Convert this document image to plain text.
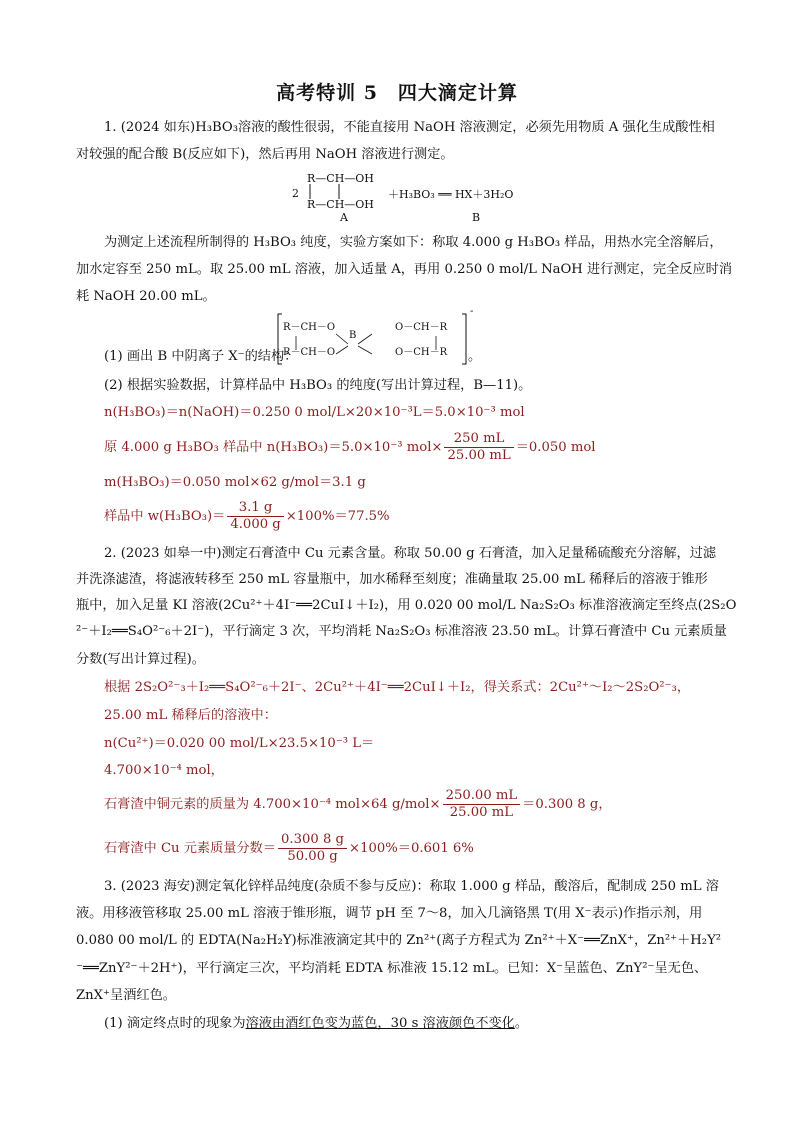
高考特训 5　四大滴定计算
1. (2024 如东)H₃BO₃溶液的酸性很弱，不能直接用 NaOH 溶液测定，必须先用物质 A 强化生成酸性相
对较强的配合酸 B(反应如下)，然后再用 NaOH 溶液进行测定。
2
R—CH—OH
R—CH—OH
A
＋H₃BO₃ ══ HX＋3H₂O
B
为测定上述流程所制得的 H₃BO₃ 纯度，实验方案如下：称取 4.000 g H₃BO₃ 样品，用热水完全溶解后，
加水定容至 250 mL。取 25.00 mL 溶液，加入适量 A，再用 0.250 0 mol/L NaOH 进行测定，完全反应时消
耗 NaOH 20.00 mL。
(1) 画出 B 中阴离子 X⁻的结构：
R－CH－O
R－CH－O
B
O－CH－R
O－CH－R
-
。
(2) 根据实验数据，计算样品中 H₃BO₃ 的纯度(写出计算过程，B—11)。
n(H₃BO₃)＝n(NaOH)＝0.250 0 mol/L×20×10⁻³L＝5.0×10⁻³ mol
原 4.000 g H₃BO₃ 样品中 n(H₃BO₃)＝5.0×10⁻³ $mol\times \frac{250 mL}{25.00 mL} =0.050$ mol
m(H₃BO₃)＝0.050 mol×62 g/mol＝3.1 g
样品中 $w(H_3BO_3)= \frac{3.1 g}{4.000 g} \times 100\%=77.5\%$
2. (2023 如皋一中)测定石膏渣中 Cu 元素含量。称取 50.00 g 石膏渣，加入足量稀硫酸充分溶解，过滤
并洗涤滤渣，将滤液转移至 250 mL 容量瓶中，加水稀释至刻度；准确量取 25.00 mL 稀释后的溶液于锥形
瓶中，加入足量 KI 溶液(2Cu²⁺＋4I⁻══2CuI↓＋I₂)，用 0.020 00 mol/L Na₂S₂O₃ 标准溶液滴定至终点(2S₂O
²⁻＋I₂══S₄O²⁻₆＋2I⁻)，平行滴定 3 次，平均消耗 Na₂S₂O₃ 标准溶液 23.50 mL。计算石膏渣中 Cu 元素质量
分数(写出计算过程)。
根据 2S₂O²⁻₃＋I₂══S₄O²⁻₆＋2I⁻、2Cu²⁺＋4I⁻══2CuI↓＋I₂，得关系式：2Cu²⁺～I₂～2S₂O²⁻₃，
25.00 mL 稀释后的溶液中：
n(Cu²⁺)＝0.020 00 mol/L×23.5×10⁻³ L＝
4.700×10⁻⁴ mol，
石膏渣中铜元素的质量为 4.700×10⁻⁴ mol×64 $g/mol\times \frac{250.00 mL}{25.00 mL} =0.300$ 8 g，
石膏渣中 Cu 元素质量分数＝ $\frac{0.300 8 g}{50.00 g} \times 100\%=0.601$ 6%
3. (2023 海安)测定氧化锌样品纯度(杂质不参与反应)：称取 1.000 g 样品，酸溶后，配制成 250 mL 溶
液。用移液管移取 25.00 mL 溶液于锥形瓶，调节 pH 至 7～8，加入几滴铬黑 T(用 X⁻表示)作指示剂，用
0.080 00 mol/L 的 EDTA(Na₂H₂Y)标准液滴定其中的 Zn²⁺(离子方程式为 Zn²⁺＋X⁻══ZnX⁺，Zn²⁺＋H₂Y²
⁻══ZnY²⁻＋2H⁺)，平行滴定三次，平均消耗 EDTA 标准液 15.12 mL。已知：X⁻呈蓝色、ZnY²⁻呈无色、
ZnX⁺呈酒红色。
(1) 滴定终点时的现象为溶液由酒红色变为蓝色，30 s 溶液颜色不变化。
